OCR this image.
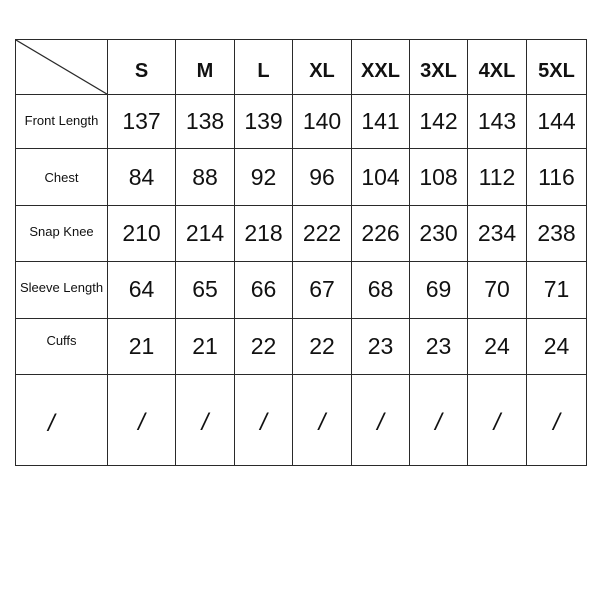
	S	M	L	XL	XXL	3XL	4XL	5XL
Front Length	137	138	139	140	141	142	143	144
Chest	84	88	92	96	104	108	112	116
Snap Knee	210	214	218	222	226	230	234	238
Sleeve Length	64	65	66	67	68	69	70	71
Cuffs	21	21	22	22	23	23	24	24
/	/	/	/	/	/	/	/	/
